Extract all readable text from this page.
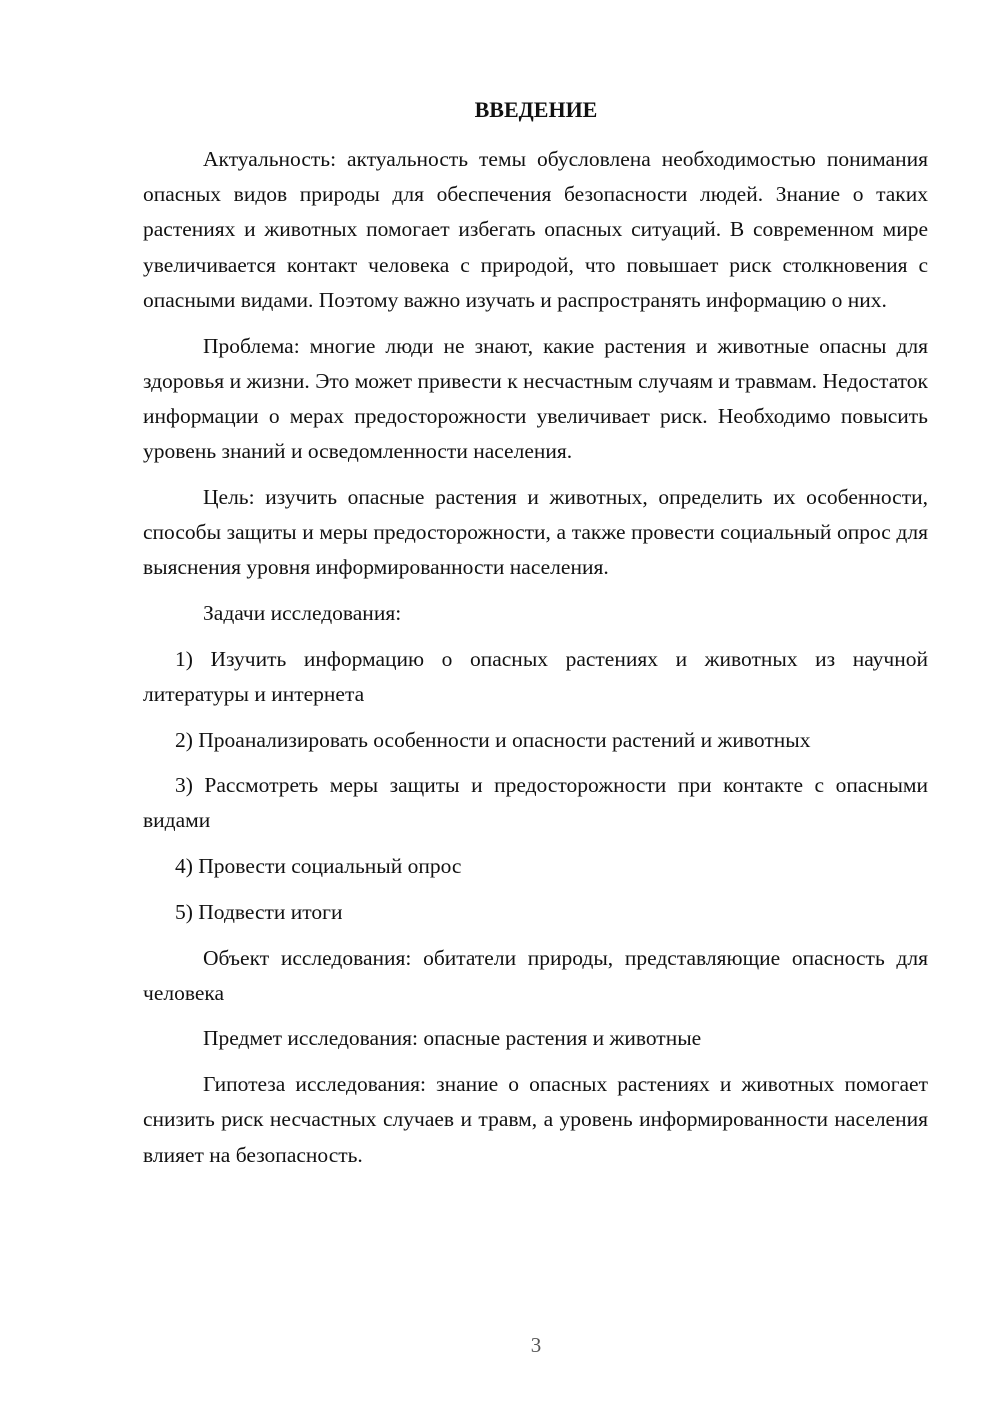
ВВЕДЕНИЕ

Актуальность: актуальность темы обусловлена необходимостью понимания опасных видов природы для обеспечения безопасности людей. Знание о таких растениях и животных помогает избегать опасных ситуаций. В современном мире увеличивается контакт человека с природой, что повышает риск столкновения с опасными видами. Поэтому важно изучать и распространять информацию о них.

Проблема: многие люди не знают, какие растения и животные опасны для здоровья и жизни. Это может привести к несчастным случаям и травмам. Недостаток информации о мерах предосторожности увеличивает риск. Необходимо повысить уровень знаний и осведомленности населения.

Цель: изучить опасные растения и животных, определить их особенности, способы защиты и меры предосторожности, а также провести социальный опрос для выяснения уровня информированности населения.

Задачи исследования:

1) Изучить информацию о опасных растениях и животных из научной литературы и интернета

2) Проанализировать особенности и опасности растений и животных

3) Рассмотреть меры защиты и предосторожности при контакте с опасными видами

4) Провести социальный опрос

5) Подвести итоги

Объект исследования: обитатели природы, представляющие опасность для человека

Предмет исследования: опасные растения и животные

Гипотеза исследования: знание о опасных растениях и животных помогает снизить риск несчастных случаев и травм, а уровень информированности населения влияет на безопасность.

3
